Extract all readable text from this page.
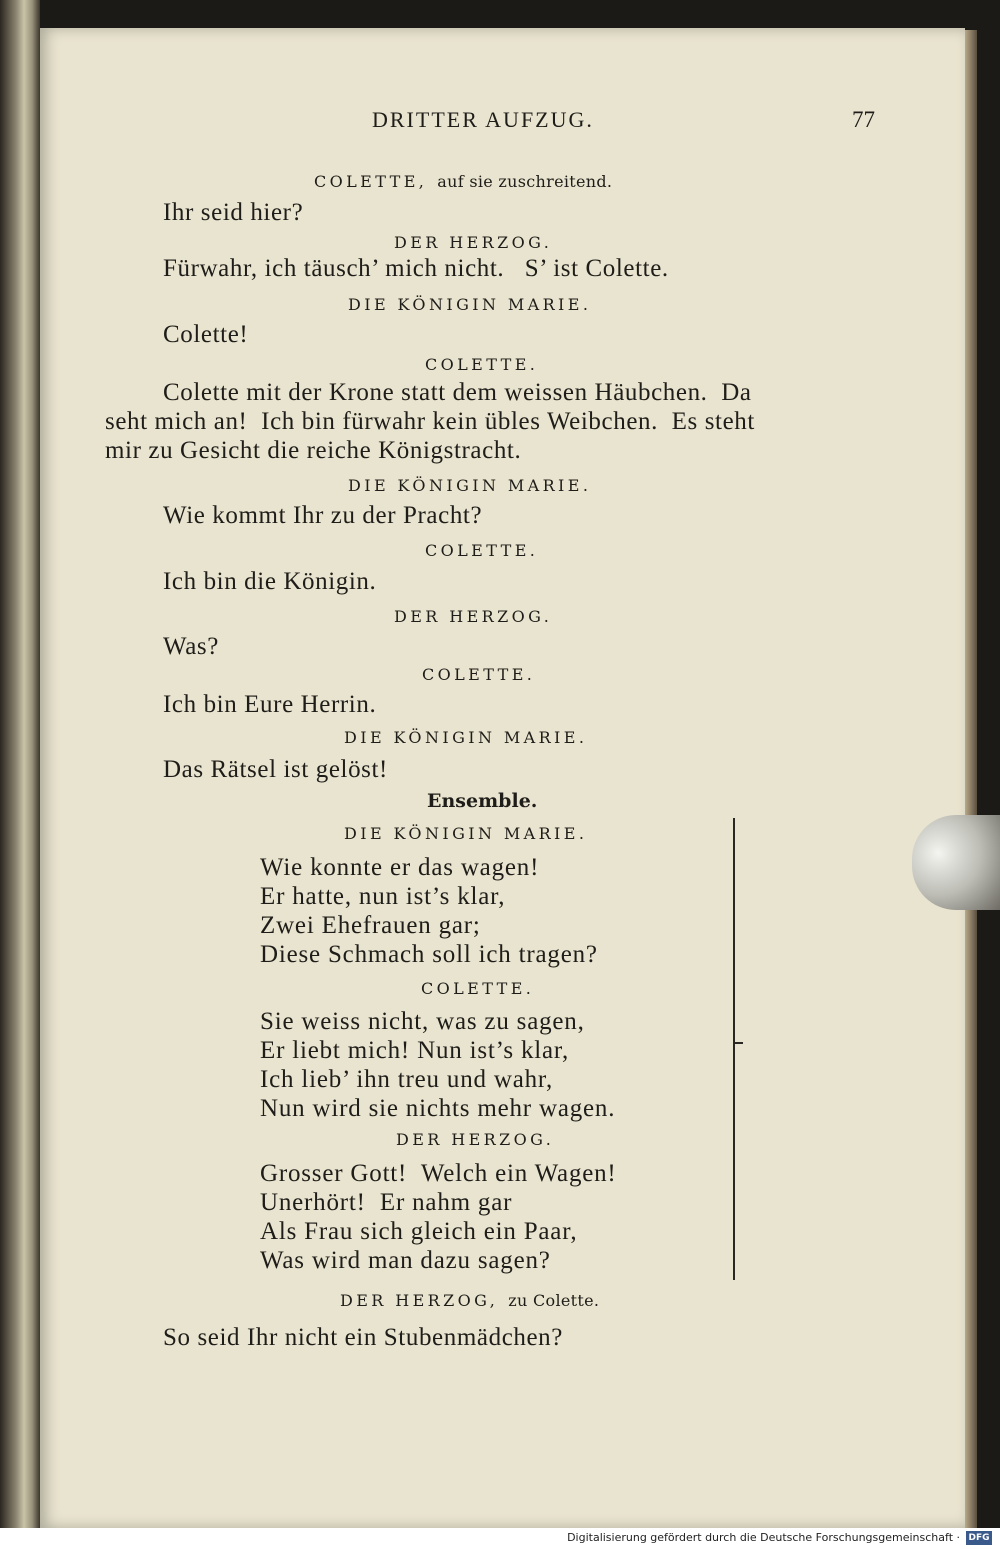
DRITTER AUFZUG.	77

COLETTE, auf sie zuschreitend.

Ihr seid hier?

DER HERZOG.

Fürwahr, ich täusch’ mich nicht.   S’ ist Colette.

DIE KÖNIGIN MARIE.

Colette!

COLETTE.

Colette mit der Krone statt dem weissen Häubchen.  Da

seht mich an!  Ich bin fürwahr kein übles Weibchen.  Es steht

mir zu Gesicht die reiche Königstracht.

DIE KÖNIGIN MARIE.

Wie kommt Ihr zu der Pracht?

COLETTE.

Ich bin die Königin.

DER HERZOG.

Was?

COLETTE.

Ich bin Eure Herrin.

DIE KÖNIGIN MARIE.

Das Rätsel ist gelöst!

Ensemble.

DIE KÖNIGIN MARIE.

Wie konnte er das wagen!

Er hatte, nun ist’s klar,

Zwei Ehefrauen gar;

Diese Schmach soll ich tragen?

COLETTE.

Sie weiss nicht, was zu sagen,

Er liebt mich! Nun ist’s klar,

Ich lieb’ ihn treu und wahr,

Nun wird sie nichts mehr wagen.

DER HERZOG.

Grosser Gott!  Welch ein Wagen!

Unerhört!  Er nahm gar

Als Frau sich gleich ein Paar,

Was wird man dazu sagen?

DER HERZOG, zu Colette.

So seid Ihr nicht ein Stubenmädchen?

Digitalisierung gefördert durch die Deutsche Forschungsgemeinschaft · DFG
